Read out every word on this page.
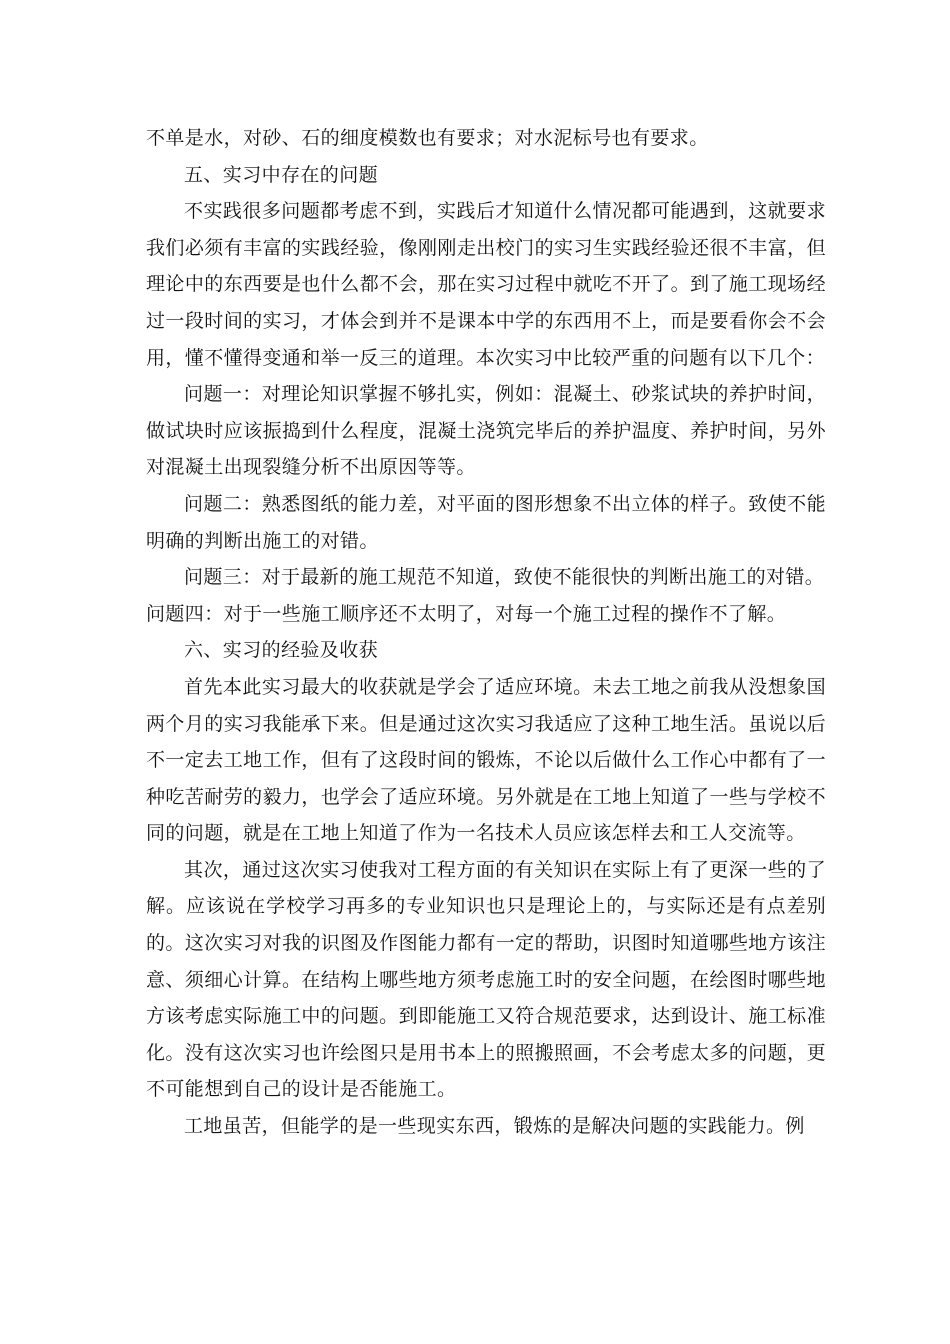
不单是水，对砂、石的细度模数也有要求；对水泥标号也有要求。

五、实习中存在的问题

不实践很多问题都考虑不到，实践后才知道什么情况都可能遇到，这就要求我们必须有丰富的实践经验，像刚刚走出校门的实习生实践经验还很不丰富，但理论中的东西要是也什么都不会，那在实习过程中就吃不开了。到了施工现场经过一段时间的实习，才体会到并不是课本中学的东西用不上，而是要看你会不会用，懂不懂得变通和举一反三的道理。本次实习中比较严重的问题有以下几个：

问题一：对理论知识掌握不够扎实，例如：混凝土、砂浆试块的养护时间，做试块时应该振捣到什么程度，混凝土浇筑完毕后的养护温度、养护时间，另外对混凝土出现裂缝分析不出原因等等。

问题二：熟悉图纸的能力差，对平面的图形想象不出立体的样子。致使不能明确的判断出施工的对错。

问题三：对于最新的施工规范不知道，致使不能很快的判断出施工的对错。

问题四：对于一些施工顺序还不太明了，对每一个施工过程的操作不了解。

六、实习的经验及收获

首先本此实习最大的收获就是学会了适应环境。未去工地之前我从没想象国两个月的实习我能承下来。但是通过这次实习我适应了这种工地生活。虽说以后不一定去工地工作，但有了这段时间的锻炼，不论以后做什么工作心中都有了一种吃苦耐劳的毅力，也学会了适应环境。另外就是在工地上知道了一些与学校不同的问题，就是在工地上知道了作为一名技术人员应该怎样去和工人交流等。

其次，通过这次实习使我对工程方面的有关知识在实际上有了更深一些的了解。应该说在学校学习再多的专业知识也只是理论上的，与实际还是有点差别的。这次实习对我的识图及作图能力都有一定的帮助，识图时知道哪些地方该注意、须细心计算。在结构上哪些地方须考虑施工时的安全问题，在绘图时哪些地方该考虑实际施工中的问题。到即能施工又符合规范要求，达到设计、施工标准化。没有这次实习也许绘图只是用书本上的照搬照画，不会考虑太多的问题，更不可能想到自己的设计是否能施工。

工地虽苦，但能学的是一些现实东西，锻炼的是解决问题的实践能力。例
